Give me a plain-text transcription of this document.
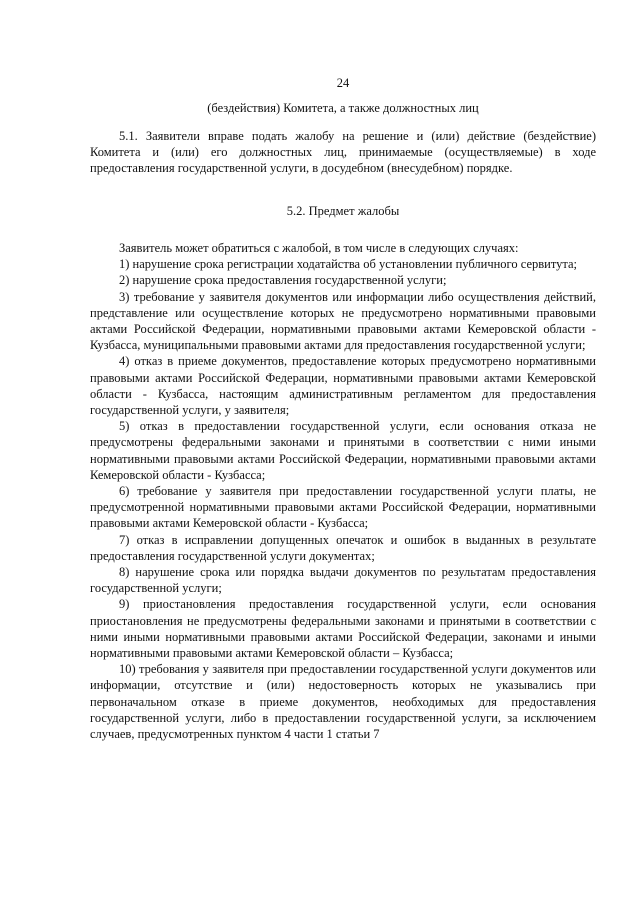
24
(бездействия) Комитета, а также должностных лиц

5.1. Заявители вправе подать жалобу на решение и (или) действие (бездействие) Комитета и (или) его должностных лиц, принимаемые (осуществляемые) в ходе предоставления государственной услуги, в досудебном (внесудебном) порядке.

5.2. Предмет жалобы

Заявитель может обратиться с жалобой, в том числе в следующих случаях:

1) нарушение срока регистрации ходатайства об установлении публичного сервитута;

2) нарушение срока предоставления государственной услуги;

3) требование у заявителя документов или информации либо осуществления действий, представление или осуществление которых не предусмотрено нормативными правовыми актами Российской Федерации, нормативными правовыми актами Кемеровской области - Кузбасса, муниципальными правовыми актами для предоставления государственной услуги;

4) отказ в приеме документов, предоставление которых предусмотрено нормативными правовыми актами Российской Федерации, нормативными правовыми актами Кемеровской области - Кузбасса, настоящим административным регламентом для предоставления государственной услуги, у заявителя;

5) отказ в предоставлении государственной услуги, если основания отказа не предусмотрены федеральными законами и принятыми в соответствии с ними иными нормативными правовыми актами Российской Федерации, нормативными правовыми актами Кемеровской области - Кузбасса;

6) требование у заявителя при предоставлении государственной услуги платы, не предусмотренной нормативными правовыми актами Российской Федерации, нормативными правовыми актами Кемеровской области - Кузбасса;

7) отказ в исправлении допущенных опечаток и ошибок в выданных в результате предоставления государственной услуги документах;

8) нарушение срока или порядка выдачи документов по результатам предоставления государственной услуги;

9) приостановления предоставления государственной услуги, если основания приостановления не предусмотрены федеральными законами и принятыми в соответствии с ними иными нормативными правовыми актами Российской Федерации, законами и иными нормативными правовыми актами Кемеровской области – Кузбасса;

10) требования у заявителя при предоставлении государственной услуги документов или информации, отсутствие и (или) недостоверность которых не указывались при первоначальном отказе в приеме документов, необходимых для предоставления государственной услуги, либо в предоставлении государственной услуги, за исключением случаев, предусмотренных пунктом 4 части 1 статьи 7
